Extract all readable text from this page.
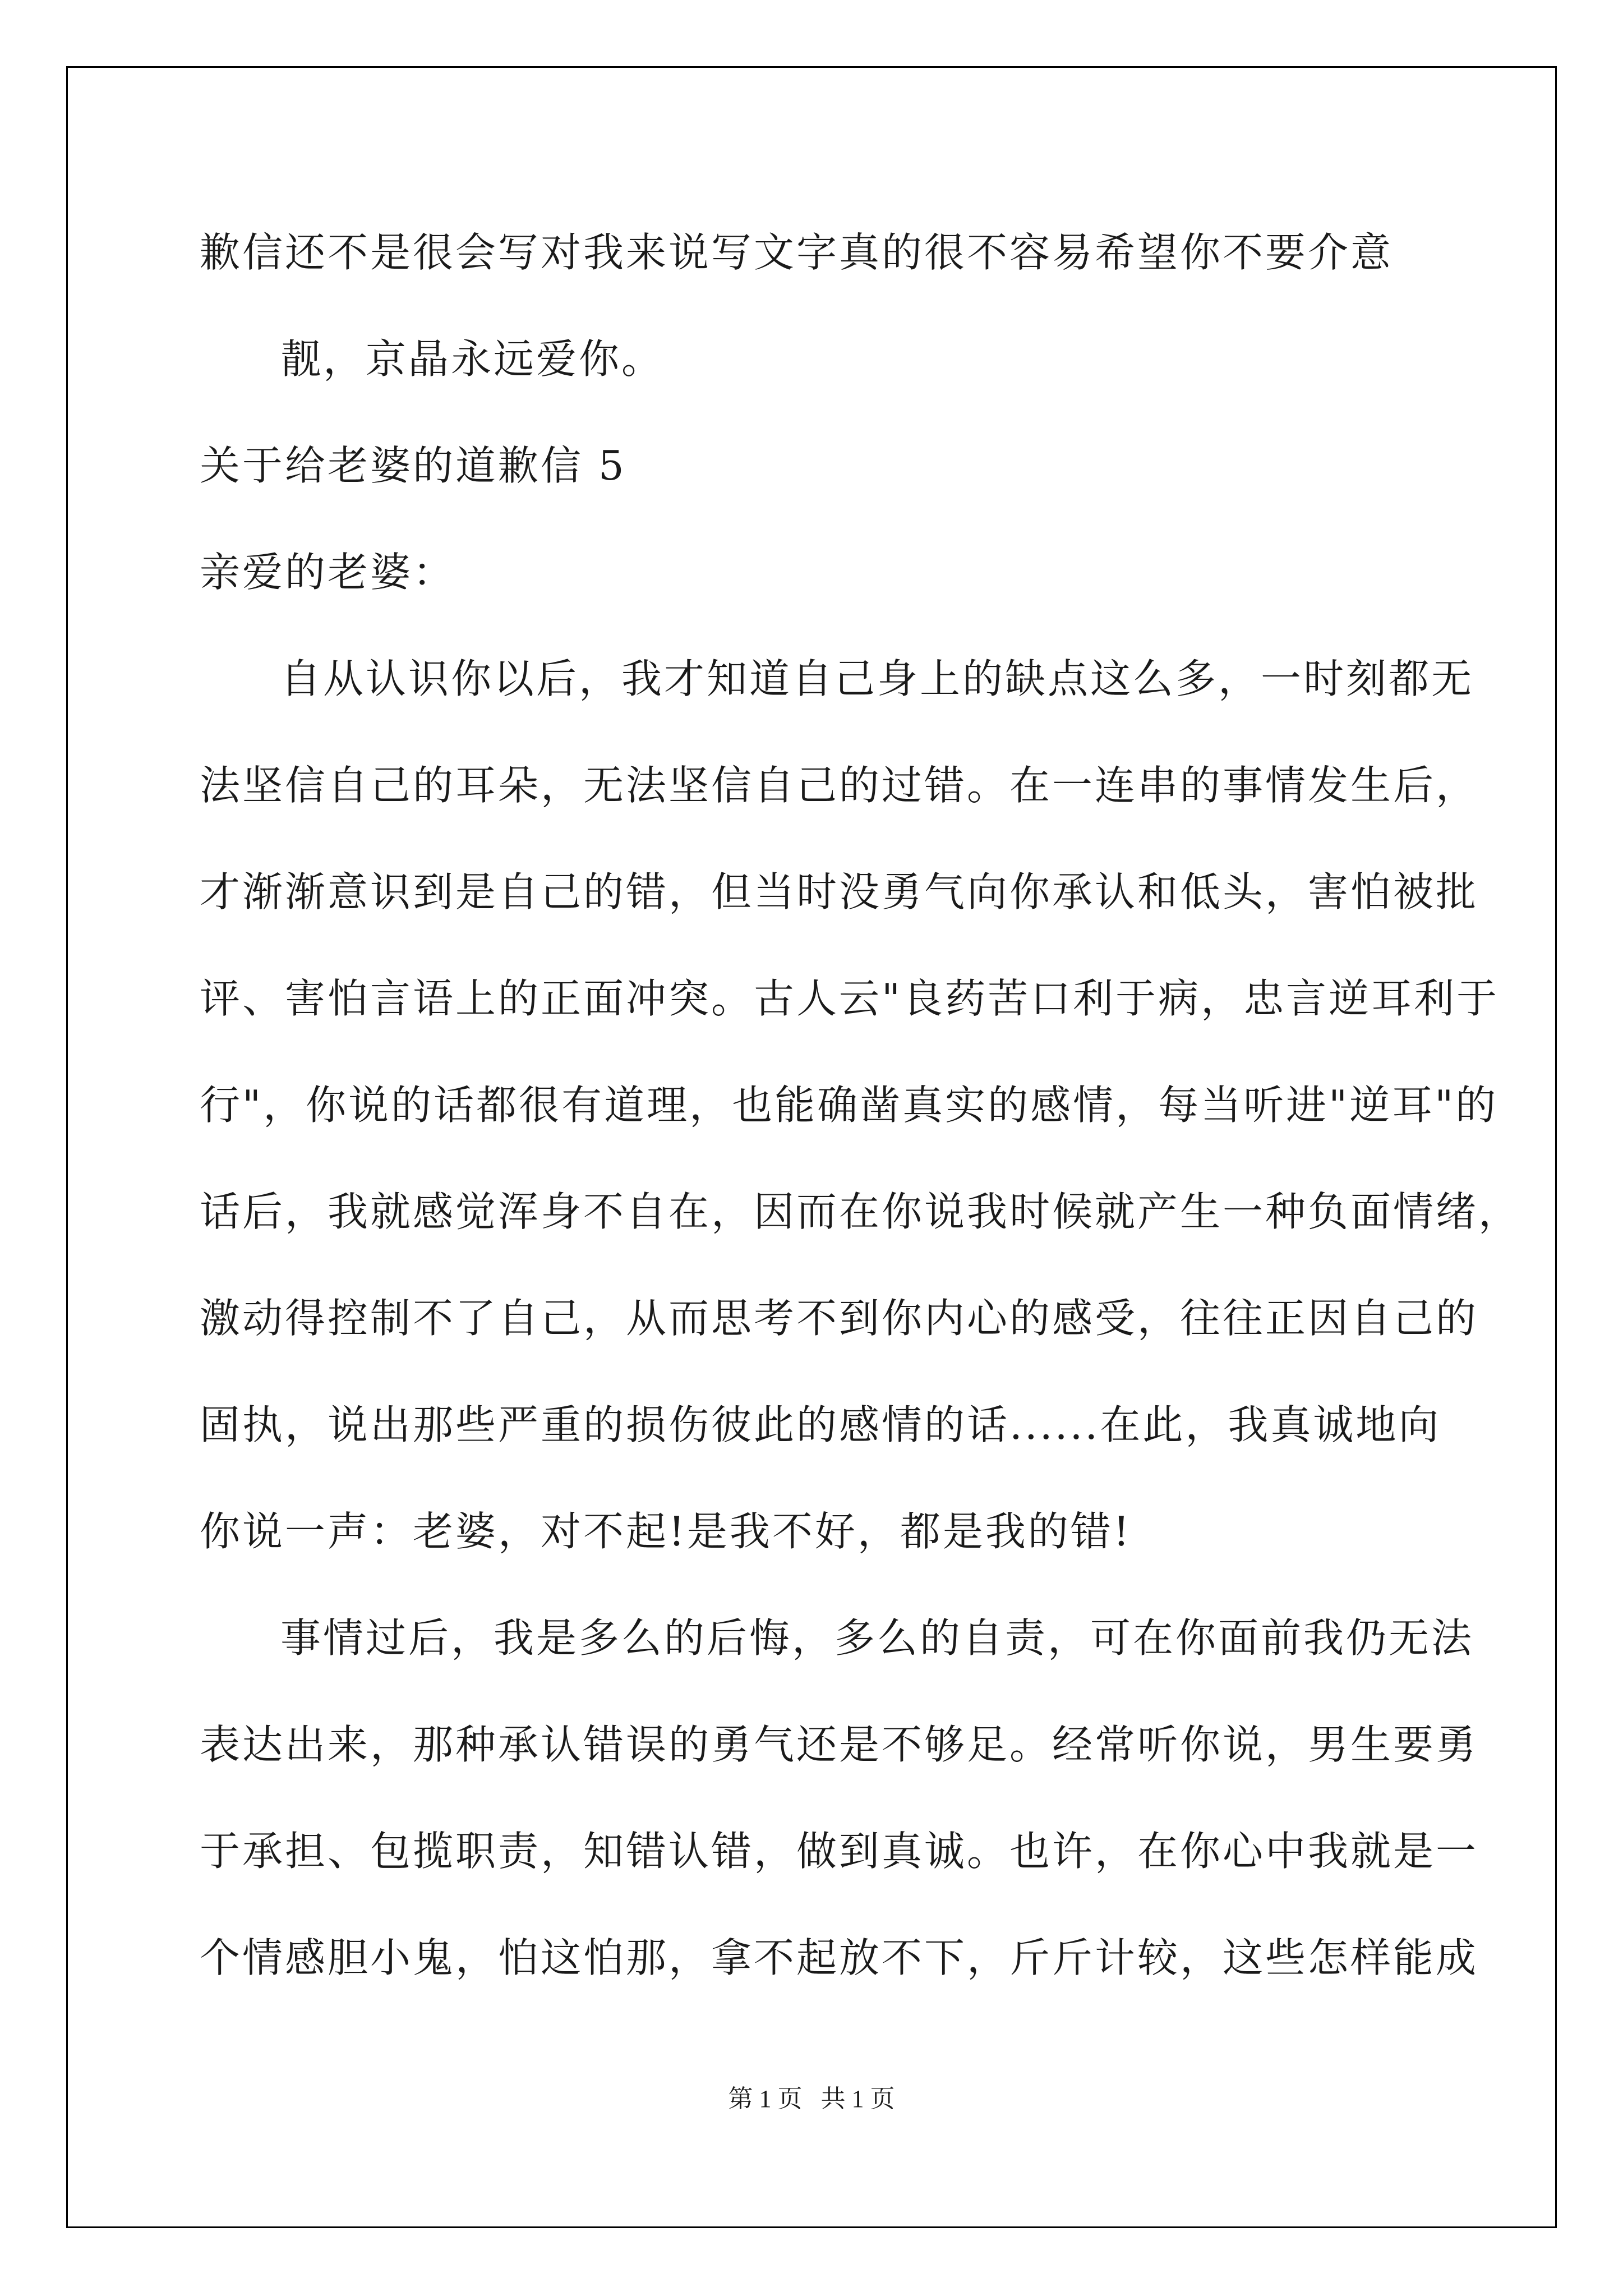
歉信还不是很会写对我来说写文字真的很不容易希望你不要介意
靓，京晶永远爱你。
关于给老婆的道歉信 5
亲爱的老婆：
自从认识你以后，我才知道自己身上的缺点这么多，一时刻都无
法坚信自己的耳朵，无法坚信自己的过错。在一连串的事情发生后，
才渐渐意识到是自己的错，但当时没勇气向你承认和低头，害怕被批
评、害怕言语上的正面冲突。古人云"良药苦口利于病，忠言逆耳利于
行"，你说的话都很有道理，也能确凿真实的感情，每当听进"逆耳"的
话后，我就感觉浑身不自在，因而在你说我时候就产生一种负面情绪，
激动得控制不了自己，从而思考不到你内心的感受，往往正因自己的
固执，说出那些严重的损伤彼此的感情的话......在此，我真诚地向
你说一声：老婆，对不起!是我不好，都是我的错!
事情过后，我是多么的后悔，多么的自责，可在你面前我仍无法
表达出来，那种承认错误的勇气还是不够足。经常听你说，男生要勇
于承担、包揽职责，知错认错，做到真诚。也许，在你心中我就是一
个情感胆小鬼，怕这怕那，拿不起放不下，斤斤计较，这些怎样能成
第 1 页   共 1 页
